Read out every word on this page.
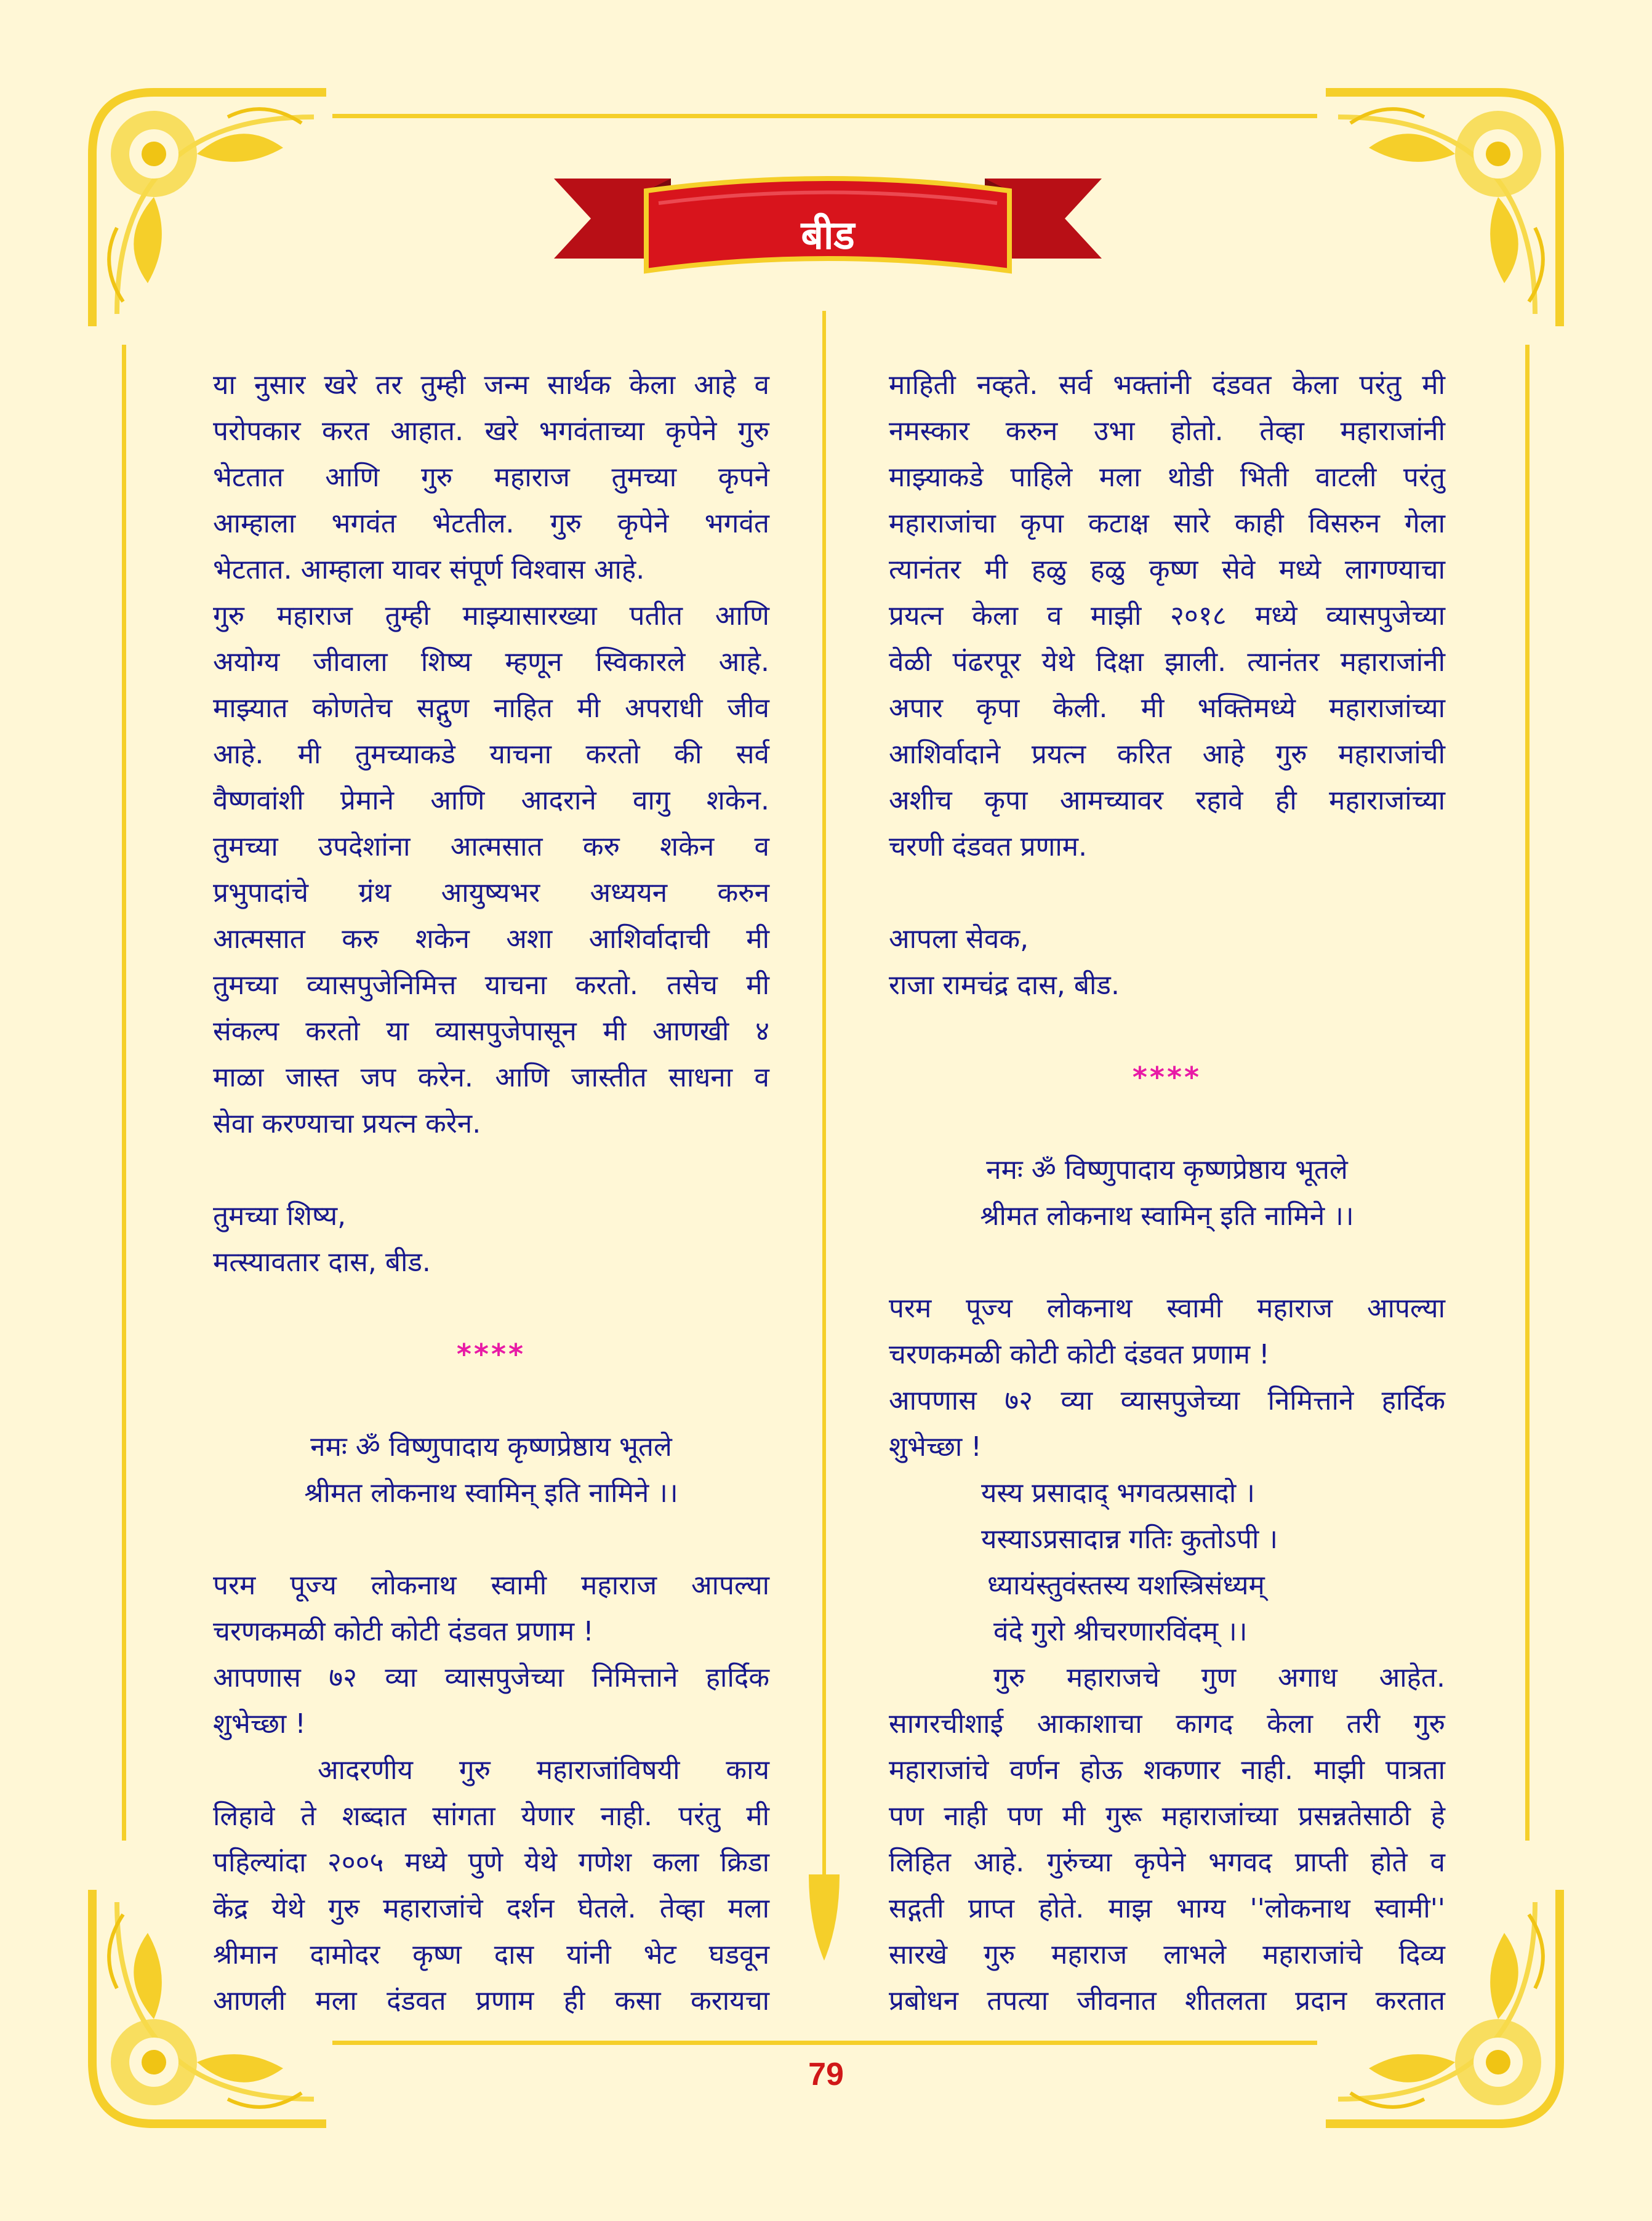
बीड

या नुसार खरे तर तुम्ही जन्म सार्थक केला आहे व

परोपकार करत आहात. खरे भगवंताच्या कृपेने गुरु

भेटतात आणि गुरु महाराज तुमच्या कृपने

आम्हाला भगवंत भेटतील. गुरु कृपेने भगवंत

भेटतात. आम्हाला यावर संपूर्ण विश्वास आहे.

गुरु महाराज तुम्ही माझ्यासारख्या पतीत आणि

अयोग्य जीवाला शिष्य म्हणून स्विकारले आहे.

माझ्यात कोणतेच सद्गुण नाहित मी अपराधी जीव

आहे. मी तुमच्याकडे याचना करतो की सर्व

वैष्णवांशी प्रेमाने आणि आदराने वागु शकेन.

तुमच्या उपदेशांना आत्मसात करु शकेन व

प्रभुपादांचे ग्रंथ आयुष्यभर अध्ययन करुन

आत्मसात करु शकेन अशा आशिर्वादाची मी

तुमच्या व्यासपुजेनिमित्त याचना करतो. तसेच मी

संकल्प करतो या व्यासपुजेपासून मी आणखी ४

माळा जास्त जप करेन. आणि जास्तीत साधना व

सेवा करण्याचा प्रयत्न करेन.

तुमच्या शिष्य,

मत्स्यावतार दास, बीड.

****

नमः ॐ विष्णुपादाय कृष्णप्रेष्ठाय भूतले

श्रीमत लोकनाथ स्वामिन् इति नामिने ।।

परम पूज्य लोकनाथ स्वामी महाराज आपल्या

चरणकमळी कोटी कोटी दंडवत प्रणाम !

आपणास ७२ व्या व्यासपुजेच्या निमित्ताने हार्दिक

शुभेच्छा !

आदरणीय गुरु महाराजांविषयी काय

लिहावे ते शब्दात सांगता येणार नाही. परंतु मी

पहिल्यांदा २००५ मध्ये पुणे येथे गणेश कला क्रिडा

केंद्र येथे गुरु महाराजांचे दर्शन घेतले. तेव्हा मला

श्रीमान दामोदर कृष्ण दास यांनी भेट घडवून

आणली मला दंडवत प्रणाम ही कसा करायचा

माहिती नव्हते. सर्व भक्तांनी दंडवत केला परंतु मी

नमस्कार करुन उभा होतो. तेव्हा महाराजांनी

माझ्याकडे पाहिले मला थोडी भिती वाटली परंतु

महाराजांचा कृपा कटाक्ष सारे काही विसरुन गेला

त्यानंतर मी हळु हळु कृष्ण सेवे मध्ये लागण्याचा

प्रयत्न केला व माझी २०१८ मध्ये व्यासपुजेच्या

वेळी पंढरपूर येथे दिक्षा झाली. त्यानंतर महाराजांनी

अपार कृपा केली. मी भक्तिमध्ये महाराजांच्या

आशिर्वादाने प्रयत्न करित आहे गुरु महाराजांची

अशीच कृपा आमच्यावर रहावे ही महाराजांच्या

चरणी दंडवत प्रणाम.

आपला सेवक,

राजा रामचंद्र दास, बीड.

****

नमः ॐ विष्णुपादाय कृष्णप्रेष्ठाय भूतले

श्रीमत लोकनाथ स्वामिन् इति नामिने ।।

परम पूज्य लोकनाथ स्वामी महाराज आपल्या

चरणकमळी कोटी कोटी दंडवत प्रणाम !

आपणास ७२ व्या व्यासपुजेच्या निमित्ताने हार्दिक

शुभेच्छा !

यस्य प्रसादाद् भगवत्प्रसादो ।

यस्याऽप्रसादान्न गतिः कुतोऽपी ।

ध्यायंस्तुवंस्तस्य यशस्त्रिसंध्यम्

वंदे गुरो श्रीचरणारविंदम् ।।

गुरु महाराजचे गुण अगाध आहेत.

सागरचीशाई आकाशाचा कागद केला तरी गुरु

महाराजांचे वर्णन होऊ शकणार नाही. माझी पात्रता

पण नाही पण मी गुरू महाराजांच्या प्रसन्नतेसाठी हे

लिहित आहे. गुरुंच्या कृपेने भगवद प्राप्ती होते व

सद्गती प्राप्त होते. माझ भाग्य ''लोकनाथ स्वामी''

सारखे गुरु महाराज लाभले महाराजांचे दिव्य

प्रबोधन तपत्या जीवनात शीतलता प्रदान करतात

79
